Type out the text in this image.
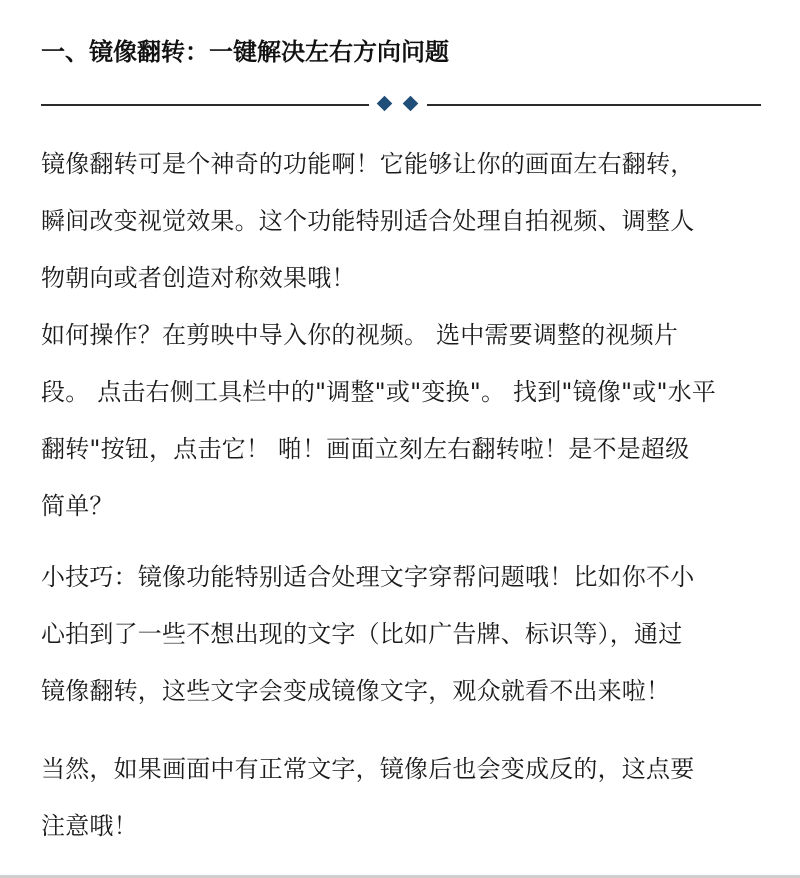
一、镜像翻转：一键解决左右方向问题

镜像翻转可是个神奇的功能啊！它能够让你的画面左右翻转，
瞬间改变视觉效果。这个功能特别适合处理自拍视频、调整人
物朝向或者创造对称效果哦！
如何操作？在剪映中导入你的视频。 选中需要调整的视频片
段。 点击右侧工具栏中的"调整"或"变换"。 找到"镜像"或"水平
翻转"按钮，点击它！ 啪！画面立刻左右翻转啦！是不是超级
简单？

小技巧：镜像功能特别适合处理文字穿帮问题哦！比如你不小
心拍到了一些不想出现的文字（比如广告牌、标识等），通过
镜像翻转，这些文字会变成镜像文字，观众就看不出来啦！

当然，如果画面中有正常文字，镜像后也会变成反的，这点要
注意哦！
